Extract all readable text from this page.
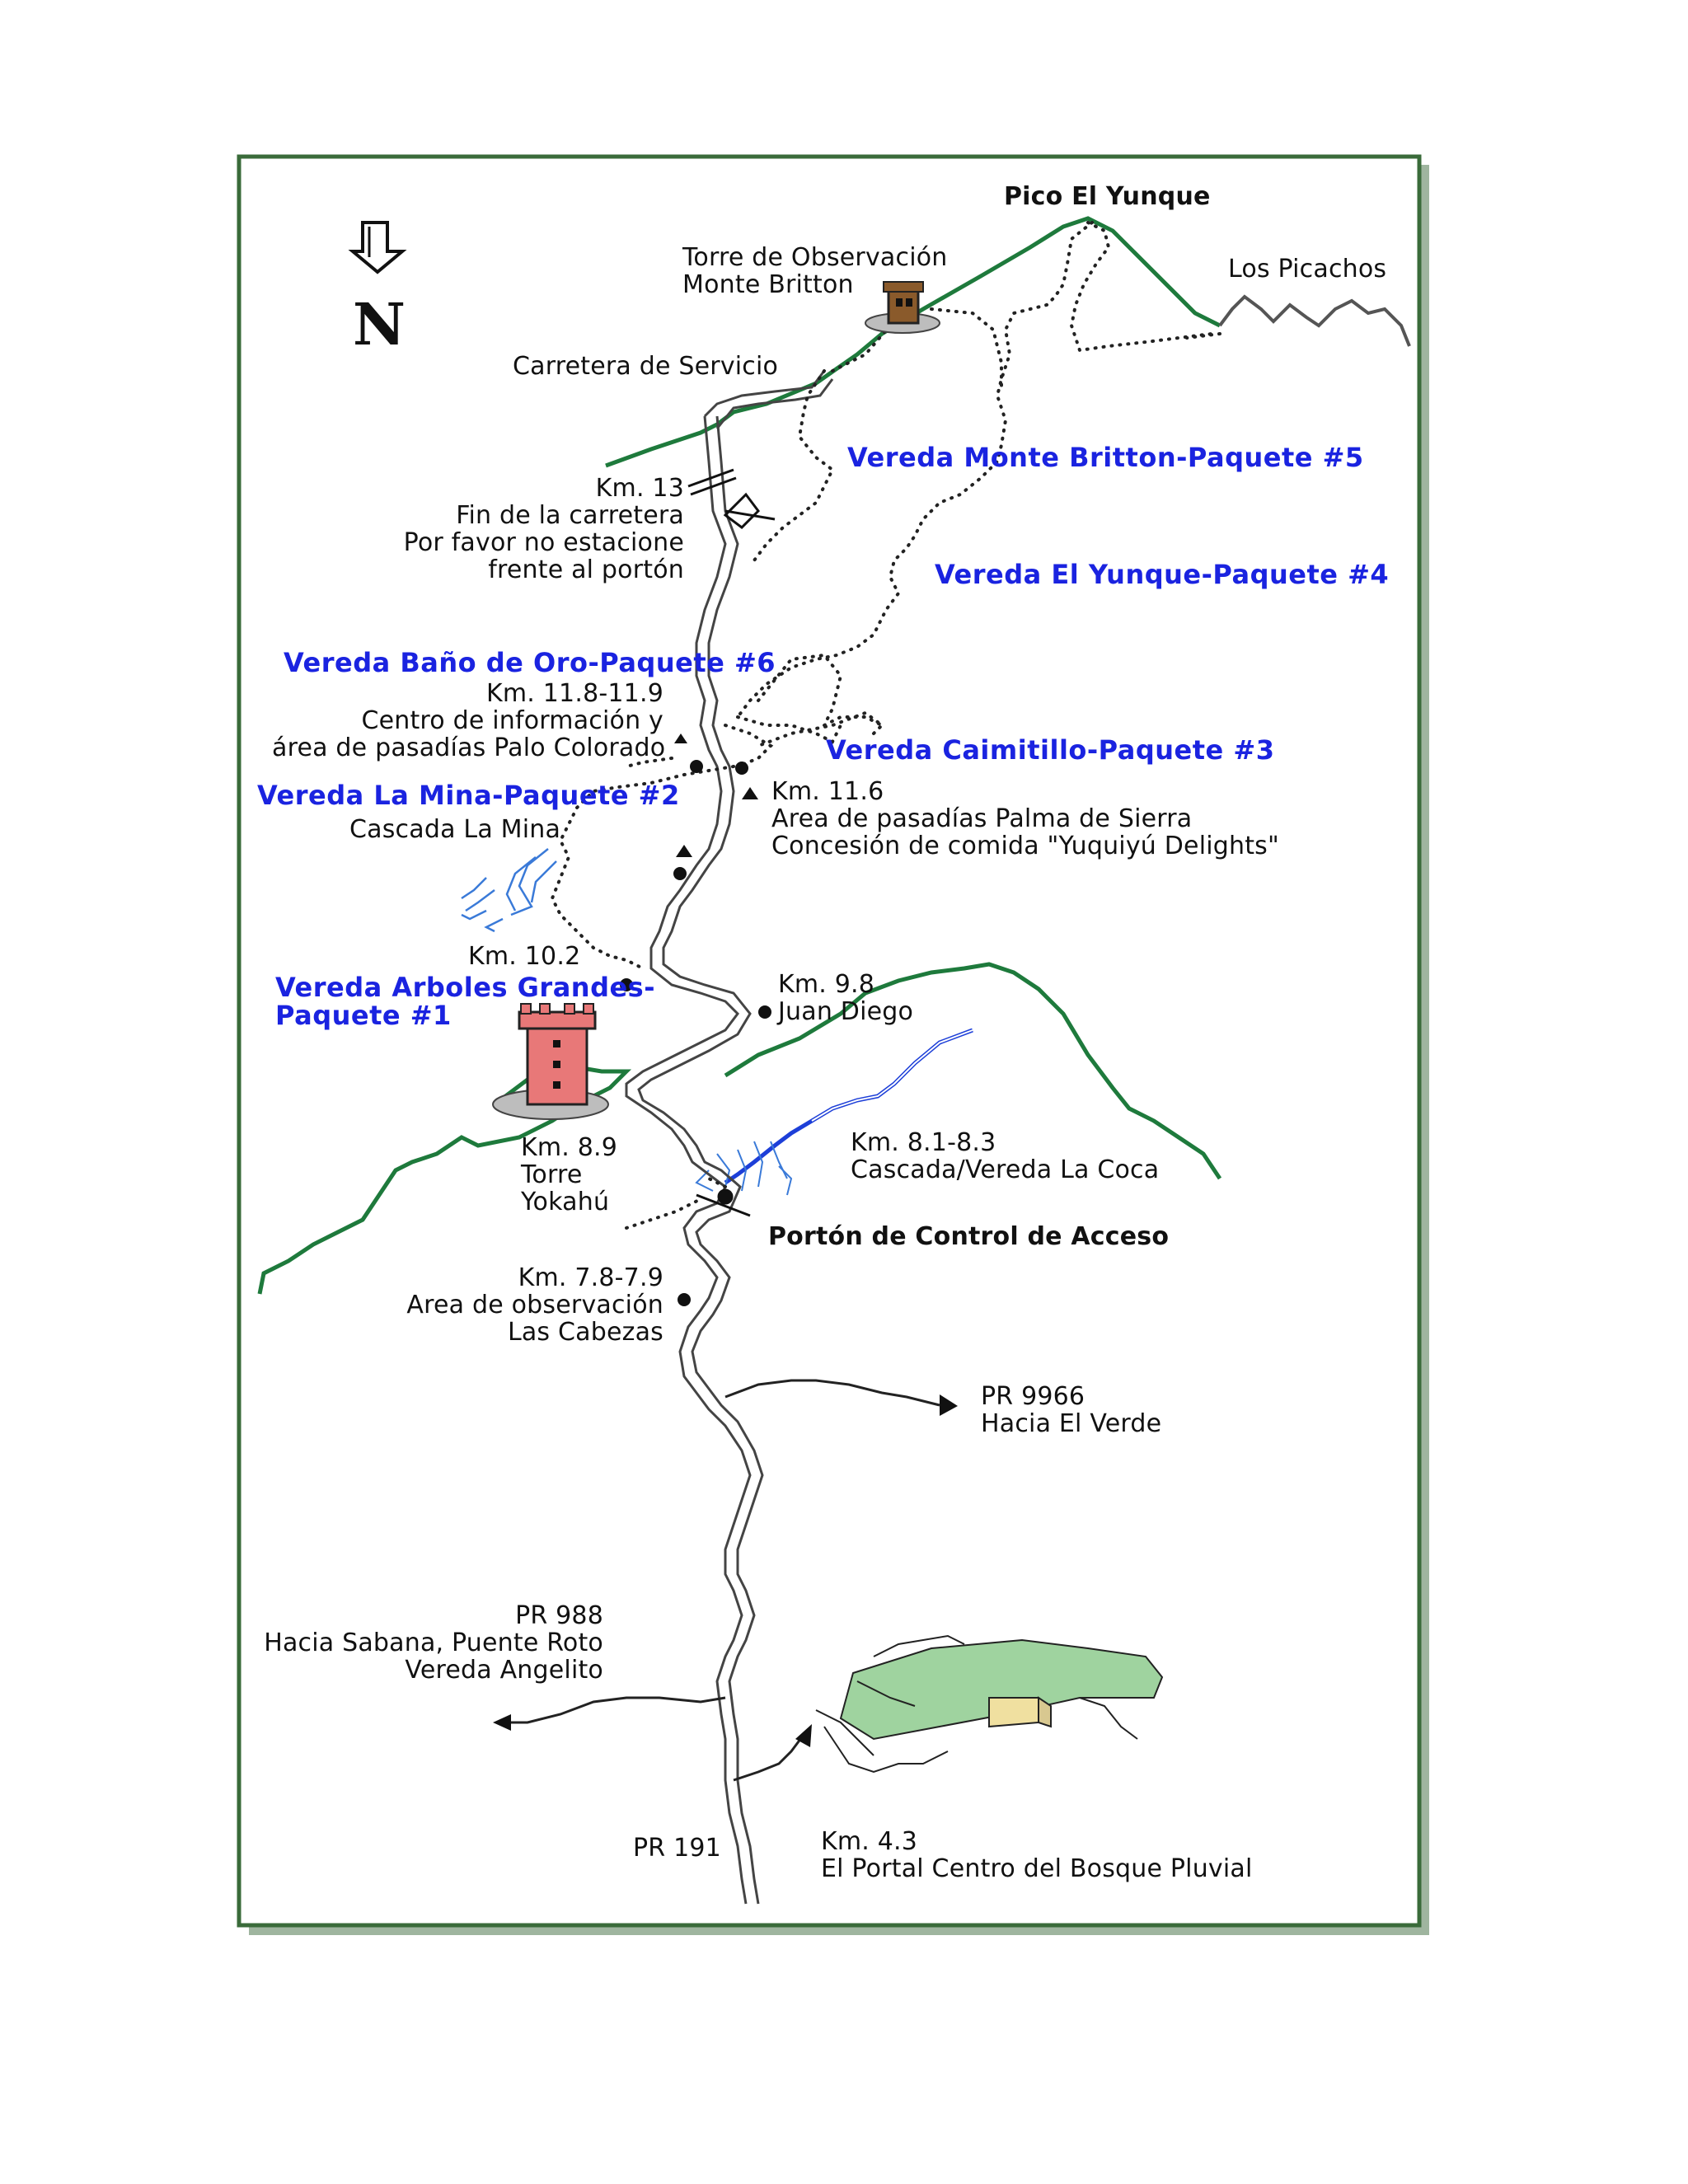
N
Pico El Yunque
Los Picachos
Torre de Observación
Monte Britton
Carretera de Servicio
Km. 13
Fin de la carretera
Por favor no estacione
frente al portón
Km. 11.8-11.9
Centro de información y
área de pasadías Palo Colorado
Km. 11.6
Area de pasadías Palma de Sierra
Concesión de comida "Yuquiyú Delights"
Cascada La Mina
Km. 10.2
Km. 9.8
Juan Diego
Km. 8.9
Torre
Yokahú
Km. 8.1-8.3
Cascada/Vereda La Coca
Portón de Control de Acceso
Km. 7.8-7.9
Area de observación
Las Cabezas
PR 9966
Hacia El Verde
PR 988
Hacia Sabana, Puente Roto
Vereda Angelito
PR 191	Km. 4.3
El Portal Centro del Bosque Pluvial
Vereda Monte Britton-Paquete #5
Vereda El Yunque-Paquete #4
Vereda Baño de Oro-Paquete #6
Vereda Caimitillo-Paquete #3
Vereda La Mina-Paquete #2
Vereda Arboles Grandes-
Paquete #1
